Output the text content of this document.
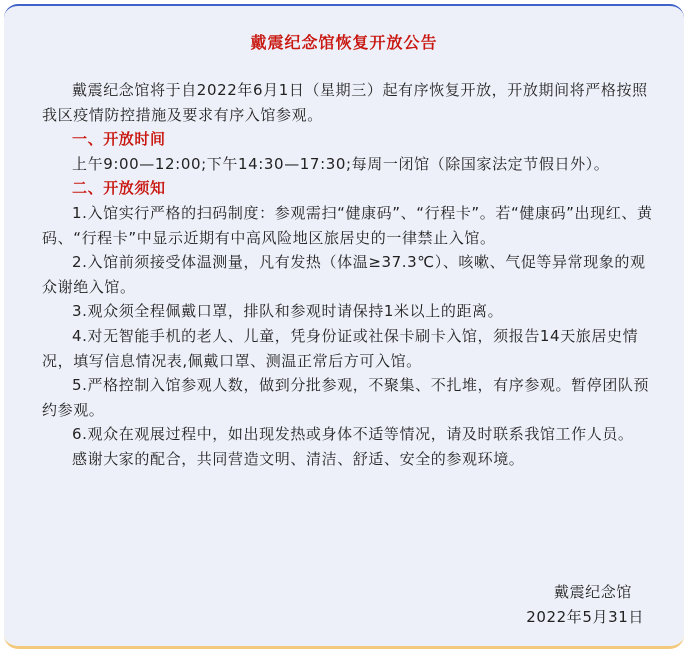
戴震纪念馆恢复开放公告

戴震纪念馆将于自2022年6月1日（星期三）起有序恢复开放，开放期间将严格按照我区疫情防控措施及要求有序入馆参观。

一、开放时间

上午9:00—12:00;下午14:30—17:30;每周一闭馆（除国家法定节假日外）。

二、开放须知

1.入馆实行严格的扫码制度：参观需扫“健康码”、“行程卡”。若“健康码”出现红、黄码、“行程卡”中显示近期有中高风险地区旅居史的一律禁止入馆。

2.入馆前须接受体温测量，凡有发热（体温≥37.3℃）、咳嗽、气促等异常现象的观众谢绝入馆。

3.观众须全程佩戴口罩，排队和参观时请保持1米以上的距离。

4.对无智能手机的老人、儿童，凭身份证或社保卡刷卡入馆，须报告14天旅居史情况，填写信息情况表,佩戴口罩、测温正常后方可入馆。

5.严格控制入馆参观人数，做到分批参观，不聚集、不扎堆，有序参观。暂停团队预约参观。

6.观众在观展过程中，如出现发热或身体不适等情况，请及时联系我馆工作人员。

感谢大家的配合，共同营造文明、清洁、舒适、安全的参观环境。

戴震纪念馆

2022年5月31日
